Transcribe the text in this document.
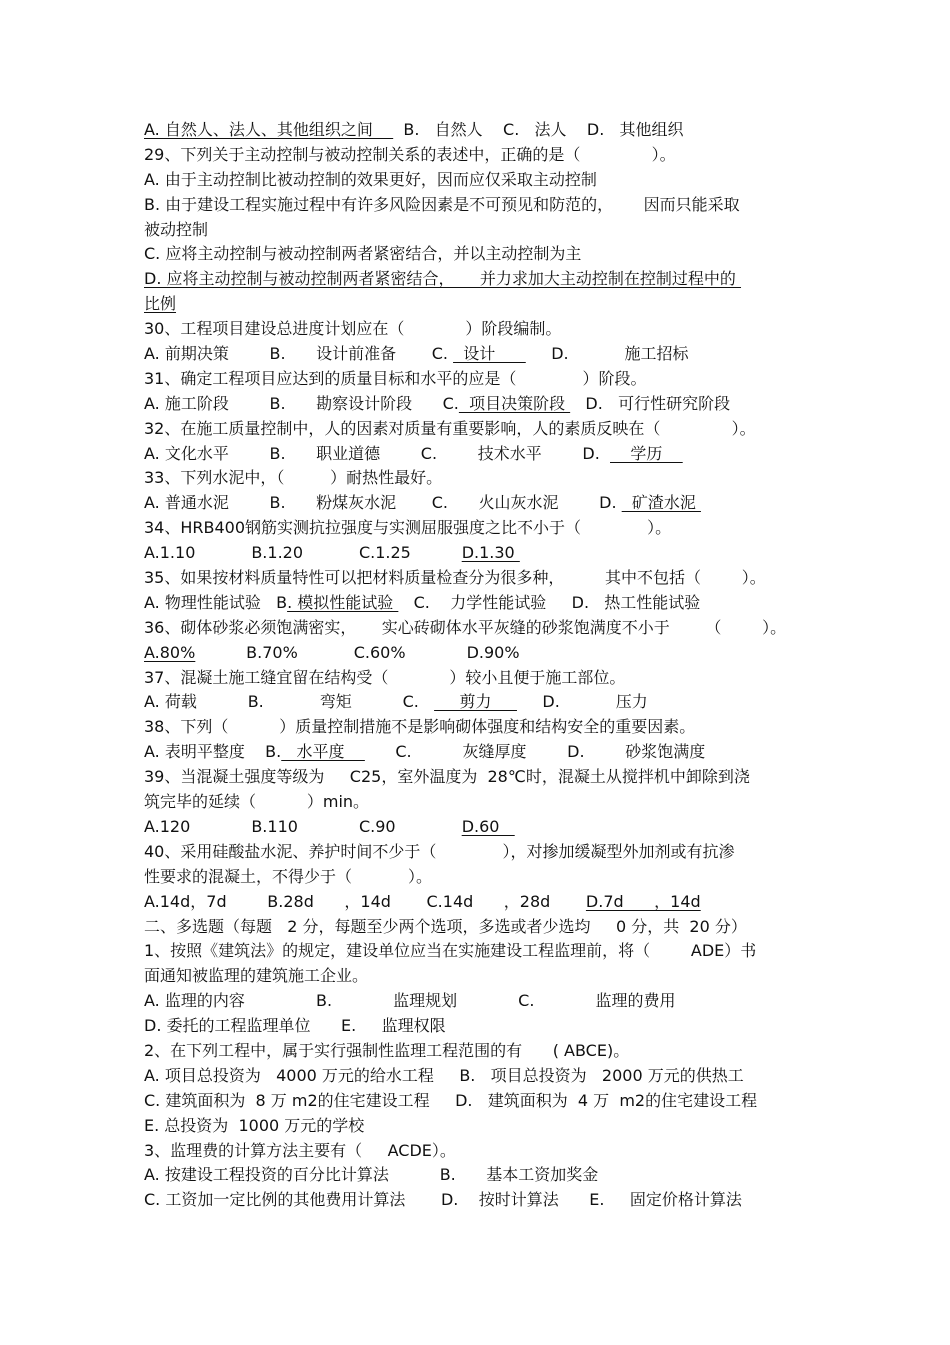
A. 自然人、法人、其他组织之间      B.   自然人    C.   法人    D.   其他组织
29、下列关于主动控制与被动控制关系的表述中，正确的是（              ）。
A. 由于主动控制比被动控制的效果更好，因而应仅采取主动控制
B. 由于建设工程实施过程中有许多风险因素是不可预见和防范的，      因而只能采取
被动控制
C. 应将主动控制与被动控制两者紧密结合，并以主动控制为主
D. 应将主动控制与被动控制两者紧密结合，     并力求加大主动控制在控制过程中的
比例
30、工程项目建设总进度计划应在（            ）阶段编制。
A. 前期决策        B.      设计前准备       C.   设计           D.           施工招标
31、确定工程项目应达到的质量目标和水平的应是（             ）阶段。
A. 施工阶段        B.      勘察设计阶段      C.  项目决策阶段    D.   可行性研究阶段
32、在施工质量控制中，人的因素对质量有重要影响，人的素质反映在（              ）。
A. 文化水平        B.      职业道德        C.        技术水平        D.      学历
33、下列水泥中，（         ）耐热性最好。
A. 普通水泥        B.      粉煤灰水泥       C.      火山灰水泥        D.   矿渣水泥
34、HRB400钢筋实测抗拉强度与实测屈服强度之比不小于（             ）。
A.1.10           B.1.20           C.1.25          D.1.30
35、如果按材料质量特性可以把材料质量检查分为很多种，        其中不包括（        ）。
A. 物理性能试验   B. 模拟性能试验    C.    力学性能试验     D.   热工性能试验
36、砌体砂浆必须饱满密实，     实心砖砌体水平灰缝的砂浆饱满度不小于       （        ）。
A.80%          B.70%           C.60%            D.90%
37、混凝土施工缝宜留在结构受（            ）较小且便于施工部位。
A. 荷载          B.           弯矩          C.        剪力          D.           压力
38、下列（          ）质量控制措施不是影响砌体强度和结构安全的重要因素。
A. 表明平整度    B.   水平度          C.          灰缝厚度        D.        砂浆饱满度
39、当混凝土强度等级为     C25，室外温度为  28℃时，混凝土从搅拌机中卸除到浇
筑完毕的延续（          ）min。
A.120            B.110            C.90             D.60
40、采用硅酸盐水泥、养护时间不少于（             ），对掺加缓凝型外加剂或有抗渗
性要求的混凝土，不得少于（           ）。
A.14d，7d        B.28d      ，14d       C.14d      ，28d       D.7d      ，14d
二、多选题（每题   2 分，每题至少两个选项，多选或者少选均     0 分，共  20 分）
1、按照《建筑法》的规定，建设单位应当在实施建设工程监理前，将（        ADE）书
面通知被监理的建筑施工企业。
A. 监理的内容              B.            监理规划            C.            监理的费用
D. 委托的工程监理单位      E.     监理权限
2、在下列工程中，属于实行强制性监理工程范围的有      ( ABCE)。
A. 项目总投资为   4000 万元的给水工程     B.   项目总投资为   2000 万元的供热工
C. 建筑面积为  8 万 m2的住宅建设工程     D.   建筑面积为  4 万  m2的住宅建设工程
E. 总投资为  1000 万元的学校
3、监理费的计算方法主要有（     ACDE）。
A. 按建设工程投资的百分比计算法          B.      基本工资加奖金
C. 工资加一定比例的其他费用计算法       D.    按时计算法      E.     固定价格计算法
